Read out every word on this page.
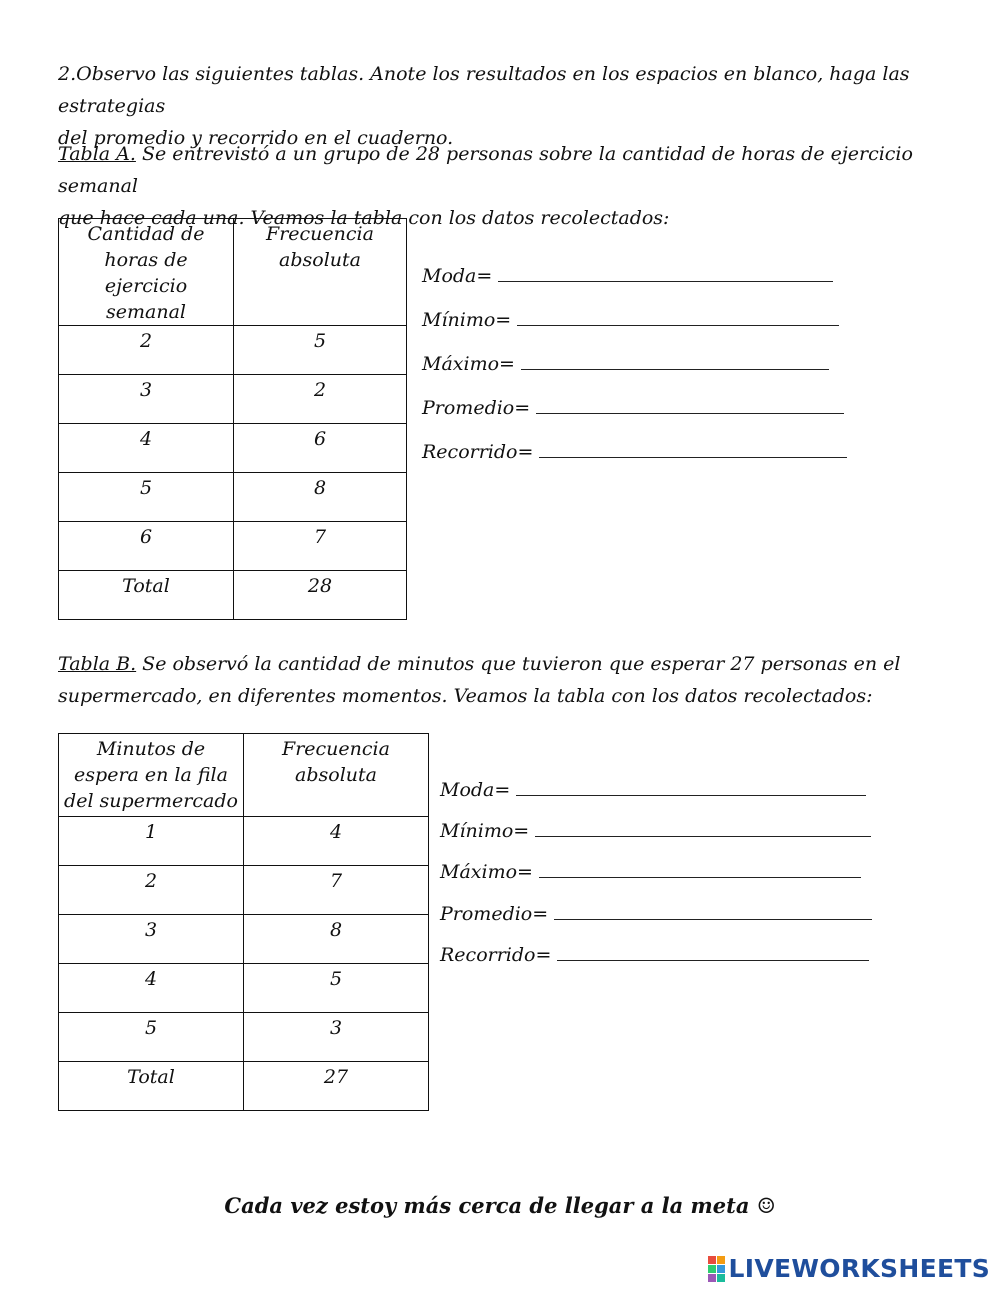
2.Observo las siguientes tablas. Anote los resultados en los espacios en blanco, haga las estrategias

del promedio y recorrido en el cuaderno.

Tabla A. Se entrevistó a un grupo de 28 personas sobre la cantidad de horas de ejercicio semanal

que hace cada una. Veamos la tabla con los datos recolectados:

Cantidad de horas de ejercicio semanal	Frecuencia absoluta
2	5
3	2
4	6
5	8
6	7
Total	28
Moda=
Mínimo=
Máximo=
Promedio=
Recorrido=

Tabla B. Se observó la cantidad de minutos que tuvieron que esperar 27 personas en el

supermercado, en diferentes momentos. Veamos la tabla con los datos recolectados:

Minutos de espera en la fila del supermercado	Frecuencia absoluta
1	4
2	7
3	8
4	5
5	3
Total	27
Moda=
Mínimo=
Máximo=
Promedio=
Recorrido=
Cada vez estoy más cerca de llegar a la meta ☺
LIVEWORKSHEETS
